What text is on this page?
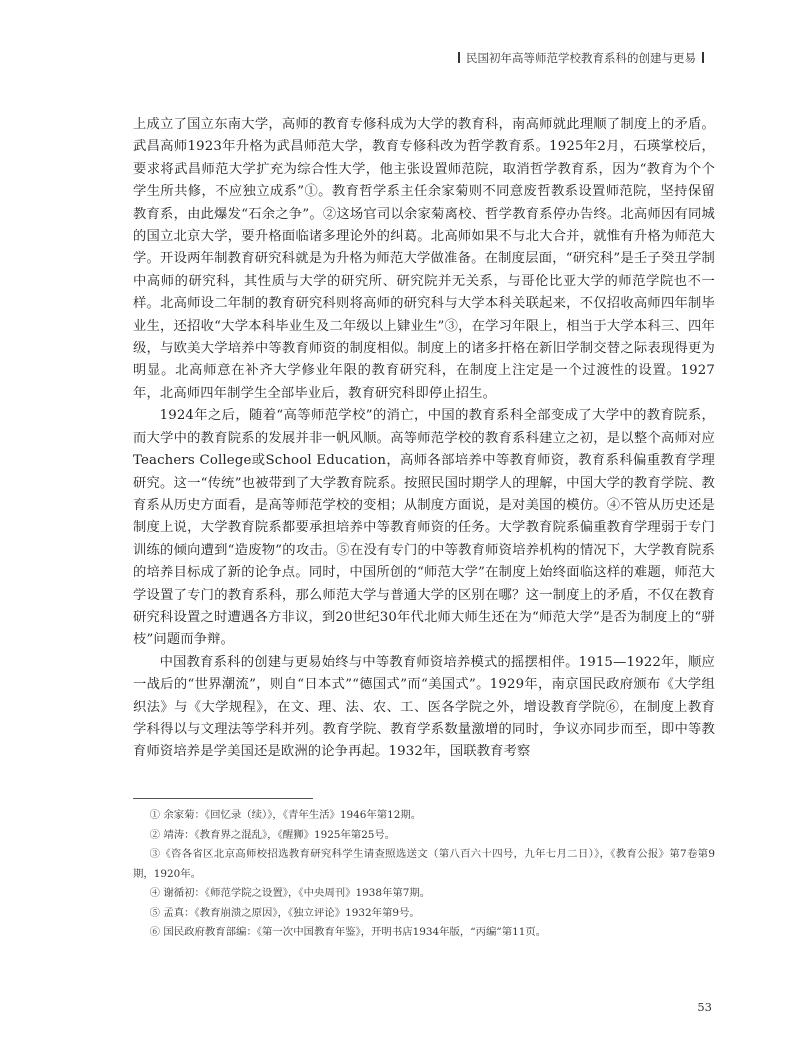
民国初年高等师范学校教育系科的创建与更易

上成立了国立东南大学，高师的教育专修科成为大学的教育科，南高师就此理顺了制度上的矛盾。武昌高师1923年升格为武昌师范大学，教育专修科改为哲学教育系。1925年2月，石瑛掌校后，要求将武昌师范大学扩充为综合性大学，他主张设置师范院，取消哲学教育系，因为“教育为个个学生所共修，不应独立成系”①。教育哲学系主任余家菊则不同意废哲教系设置师范院，坚持保留教育系，由此爆发“石余之争”。②这场官司以余家菊离校、哲学教育系停办告终。北高师因有同城的国立北京大学，要升格面临诸多理论外的纠葛。北高师如果不与北大合并，就惟有升格为师范大学。开设两年制教育研究科就是为升格为师范大学做准备。在制度层面，“研究科”是壬子癸丑学制中高师的研究科，其性质与大学的研究所、研究院并无关系，与哥伦比亚大学的师范学院也不一样。北高师设二年制的教育研究科则将高师的研究科与大学本科关联起来，不仅招收高师四年制毕业生，还招收“大学本科毕业生及二年级以上肄业生”③，在学习年限上，相当于大学本科三、四年级，与欧美大学培养中等教育师资的制度相似。制度上的诸多扞格在新旧学制交替之际表现得更为明显。北高师意在补齐大学修业年限的教育研究科，在制度上注定是一个过渡性的设置。1927年，北高师四年制学生全部毕业后，教育研究科即停止招生。

1924年之后，随着“高等师范学校”的消亡，中国的教育系科全部变成了大学中的教育院系，而大学中的教育院系的发展并非一帆风顺。高等师范学校的教育系科建立之初，是以整个高师对应Teachers College或School Education，高师各部培养中等教育师资，教育系科偏重教育学理研究。这一“传统”也被带到了大学教育院系。按照民国时期学人的理解，中国大学的教育学院、教育系从历史方面看，是高等师范学校的变相；从制度方面说，是对美国的模仿。④不管从历史还是制度上说，大学教育院系都要承担培养中等教育师资的任务。大学教育院系偏重教育学理弱于专门训练的倾向遭到“造废物”的攻击。⑤在没有专门的中等教育师资培养机构的情况下，大学教育院系的培养目标成了新的论争点。同时，中国所创的“师范大学”在制度上始终面临这样的难题，师范大学设置了专门的教育系科，那么师范大学与普通大学的区别在哪？这一制度上的矛盾，不仅在教育研究科设置之时遭遇各方非议，到20世纪30年代北师大师生还在为“师范大学”是否为制度上的“骈枝”问题而争辩。

中国教育系科的创建与更易始终与中等教育师资培养模式的摇摆相伴。1915—1922年，顺应一战后的“世界潮流”，则自“日本式”“德国式”而“美国式”。1929年，南京国民政府颁布《大学组织法》与《大学规程》，在文、理、法、农、工、医各学院之外，增设教育学院⑥，在制度上教育学科得以与文理法等学科并列。教育学院、教育学系数量激增的同时，争议亦同步而至，即中等教育师资培养是学美国还是欧洲的论争再起。1932年，国联教育考察

① 余家菊：《回忆录（续）》，《青年生活》1946年第12期。

② 靖涛：《教育界之混乱》，《醒狮》1925年第25号。

③《咨各省区北京高师校招选教育研究科学生请查照选送文（第八百六十四号，九年七月二日）》，《教育公报》第7卷第9期，1920年。

④ 谢循初：《师范学院之设置》，《中央周刊》1938年第7期。

⑤ 孟真：《教育崩溃之原因》，《独立评论》1932年第9号。

⑥ 国民政府教育部编：《第一次中国教育年鉴》，开明书店1934年版，“丙编”第11页。

53
